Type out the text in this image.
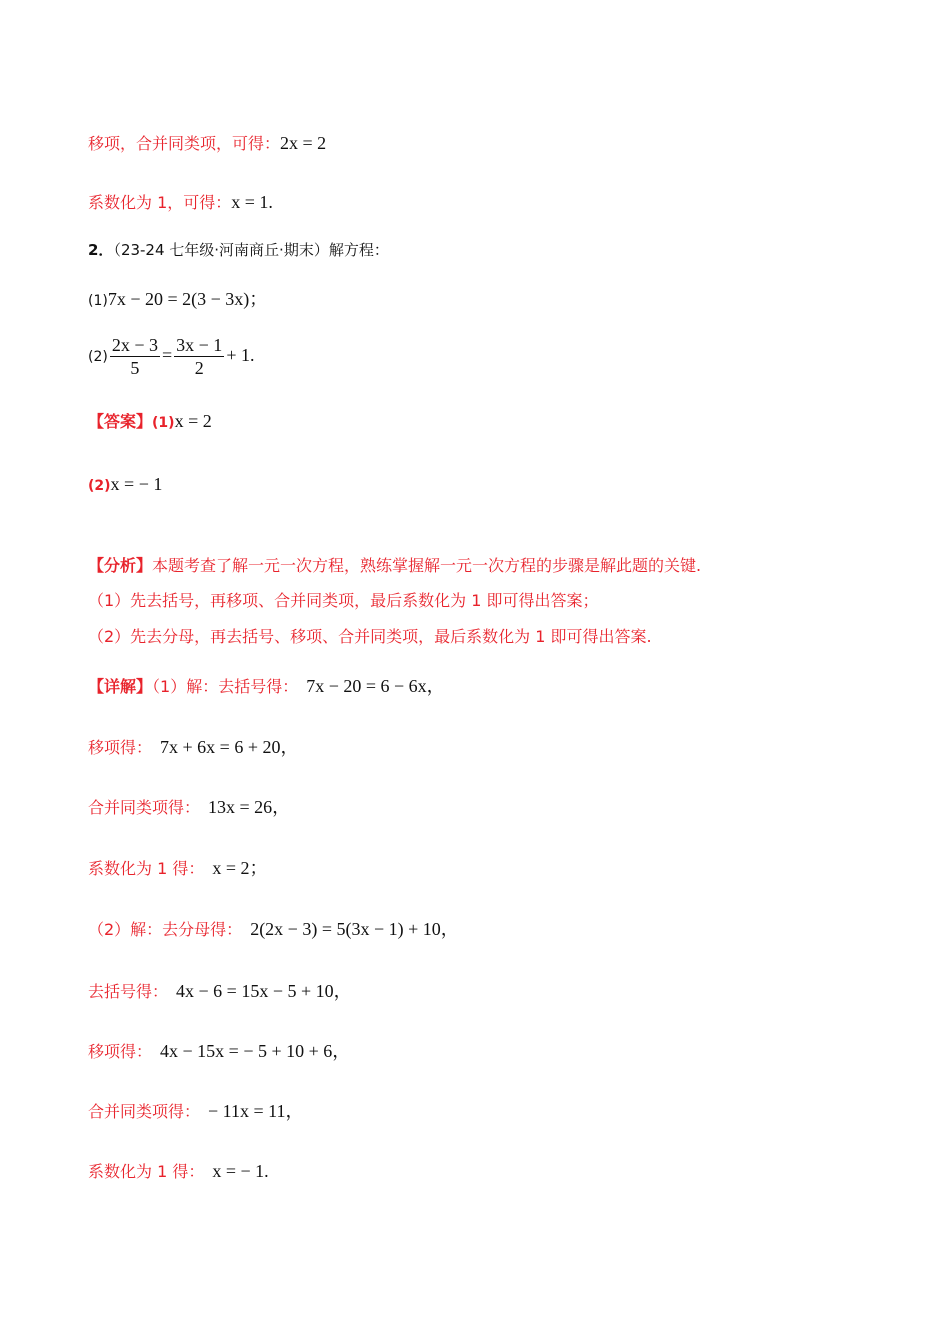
移项，合并同类项，可得：2x = 2
系数化为 1，可得：x = 1.
2．（23-24 七年级·河南商丘·期末）解方程：
(1)7x − 20 = 2(3 − 3x)；
$(2) \frac{2x - 3}{5} = \frac{3x - 1}{2} + 1$.
【答案】(1)x = 2
(2)x = − 1
【分析】本题考查了解一元一次方程，熟练掌握解一元一次方程的步骤是解此题的关键.
（1）先去括号，再移项、合并同类项，最后系数化为 1 即可得出答案；
（2）先去分母，再去括号、移项、合并同类项，最后系数化为 1 即可得出答案.
【详解】（1）解：去括号得： 7x − 20 = 6 − 6x，
移项得： 7x + 6x = 6 + 20，
合并同类项得： 13x = 26，
系数化为 1 得： x = 2；
（2）解：去分母得： 2(2x − 3) = 5(3x − 1) + 10，
去括号得： 4x − 6 = 15x − 5 + 10，
移项得： 4x − 15x = − 5 + 10 + 6，
合并同类项得： − 11x = 11，
系数化为 1 得： x = − 1.
